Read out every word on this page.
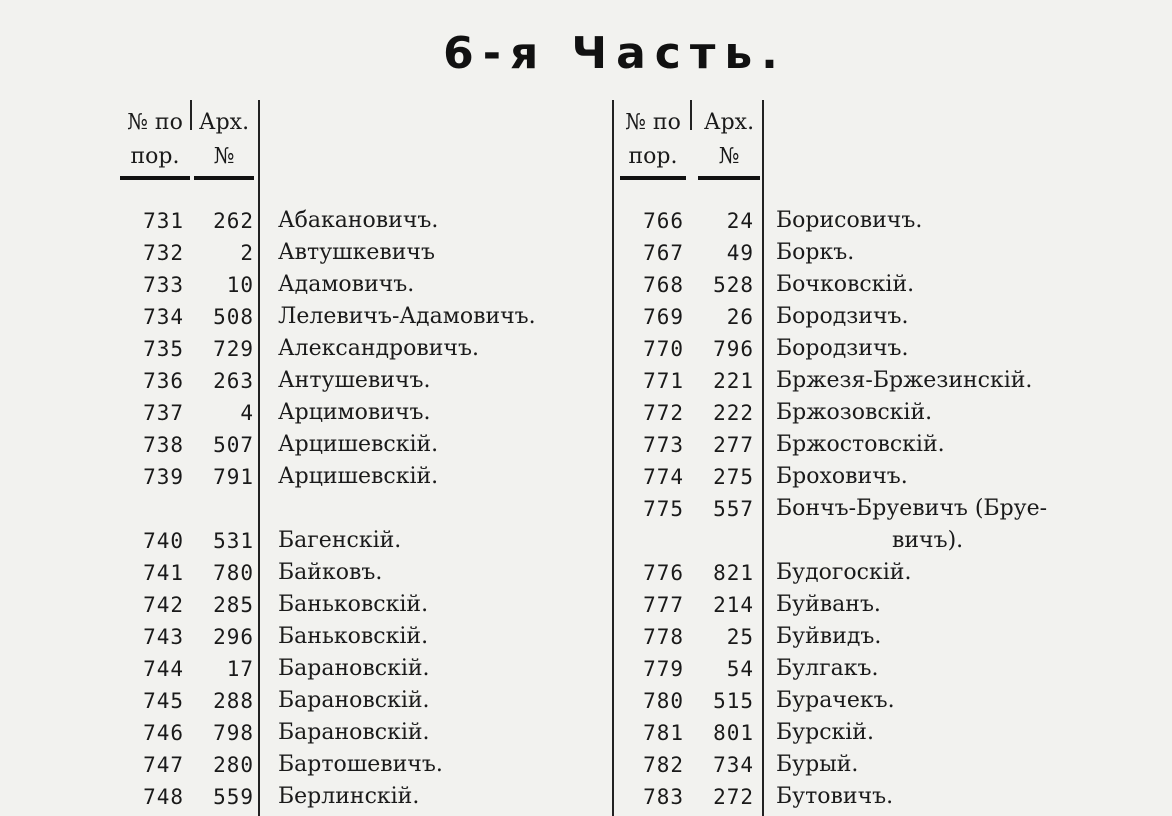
6-я Часть.
№ по
пор.
Арх.
№
731	262 Абакановичъ.
732	2 Автушкевичъ
733	10 Адамовичъ.
734	508 Лелевичъ-Адамовичъ.
735	729 Александровичъ.
736	263 Антушевичъ.
737	4 Арцимовичъ.
738	507 Арцишевскій.
739	791 Арцишевскій.
740	531 Багенскій.
741	780 Байковъ.
742	285 Баньковскій.
743	296 Баньковскій.
744	17 Барановскій.
745	288 Барановскій.
746	798 Барановскій.
747	280 Бартошевичъ.
748	559 Берлинскій.
№ по
пор.
Арх.
№
766	24 Борисовичъ.
767	49 Боркъ.
768	528 Бочковскій.
769	26 Бородзичъ.
770	796 Бородзичъ.
771	221 Бржезя-Бржезинскій.
772	222 Бржозовскій.
773	277 Бржостовскій.
774	275 Броховичъ.
775	557 Бончъ-Бруевичъ (Бруе-
вичъ).
776	821 Будогоскій.
777	214 Буйванъ.
778	25 Буйвидъ.
779	54 Булгакъ.
780	515 Бурачекъ.
781	801 Бурскій.
782	734 Бурый.
783	272 Бутовичъ.
